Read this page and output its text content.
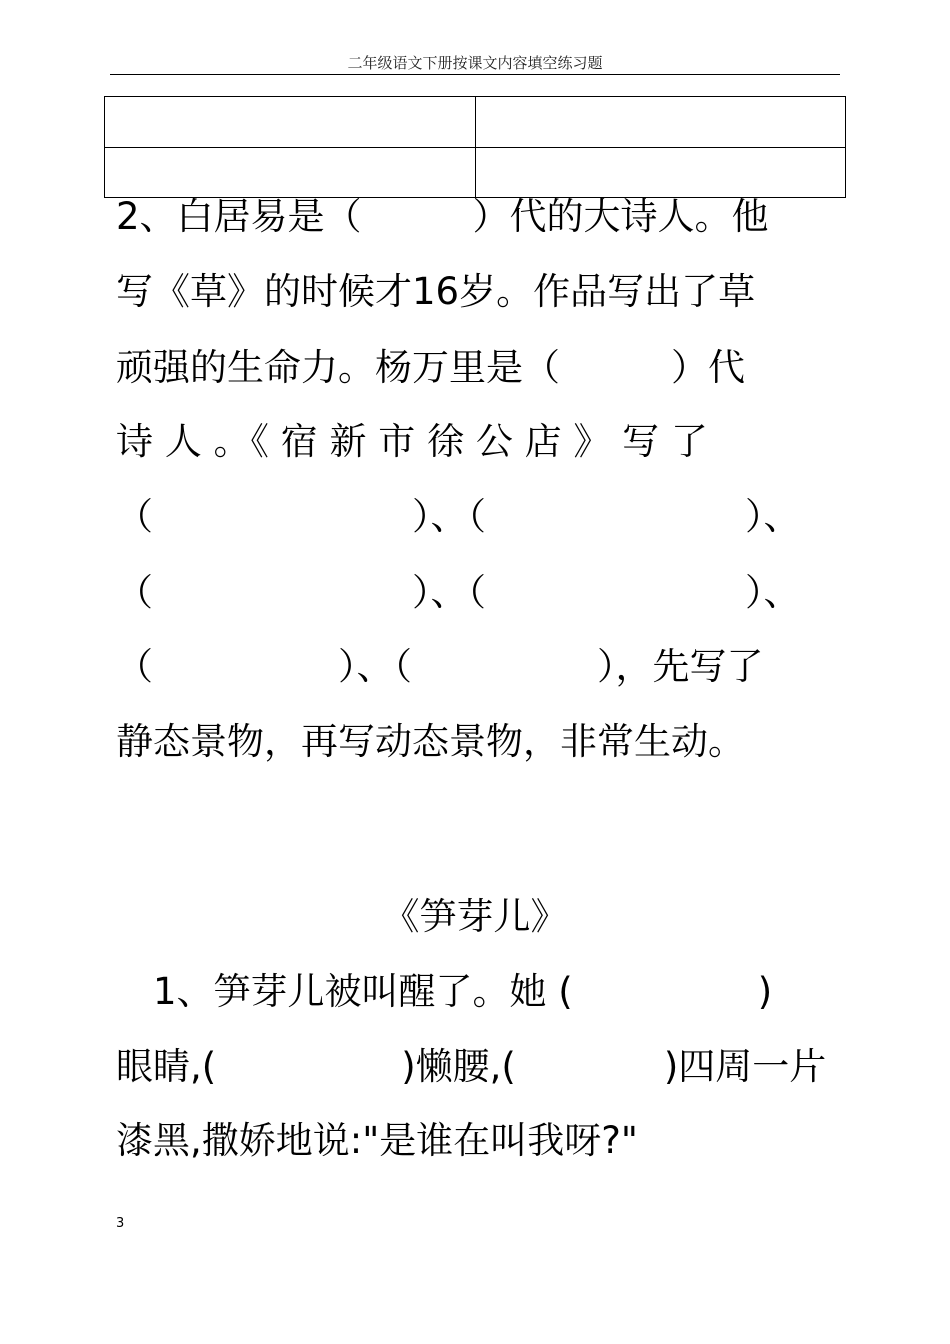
二年级语文下册按课文内容填空练习题

2、白居易是（　　　）代的大诗人。他
写《草》的时候才16岁。作品写出了草
顽强的生命力。杨万里是（　　　）代
诗 人 。《 宿 新 市 徐 公 店 》 写 了
（　　　　　　　）、（　　　　　　　）、
（　　　　　　　）、（　　　　　　　）、
（　　　　　）、（　　　　　），先写了
静态景物，再写动态景物，非常生动。
《笋芽儿》
　1、笋芽儿被叫醒了。她 (　　　　　)
眼睛,(　　　　　)懒腰,(　　　　)四周一片
漆黑,撒娇地说:"是谁在叫我呀?"
3
